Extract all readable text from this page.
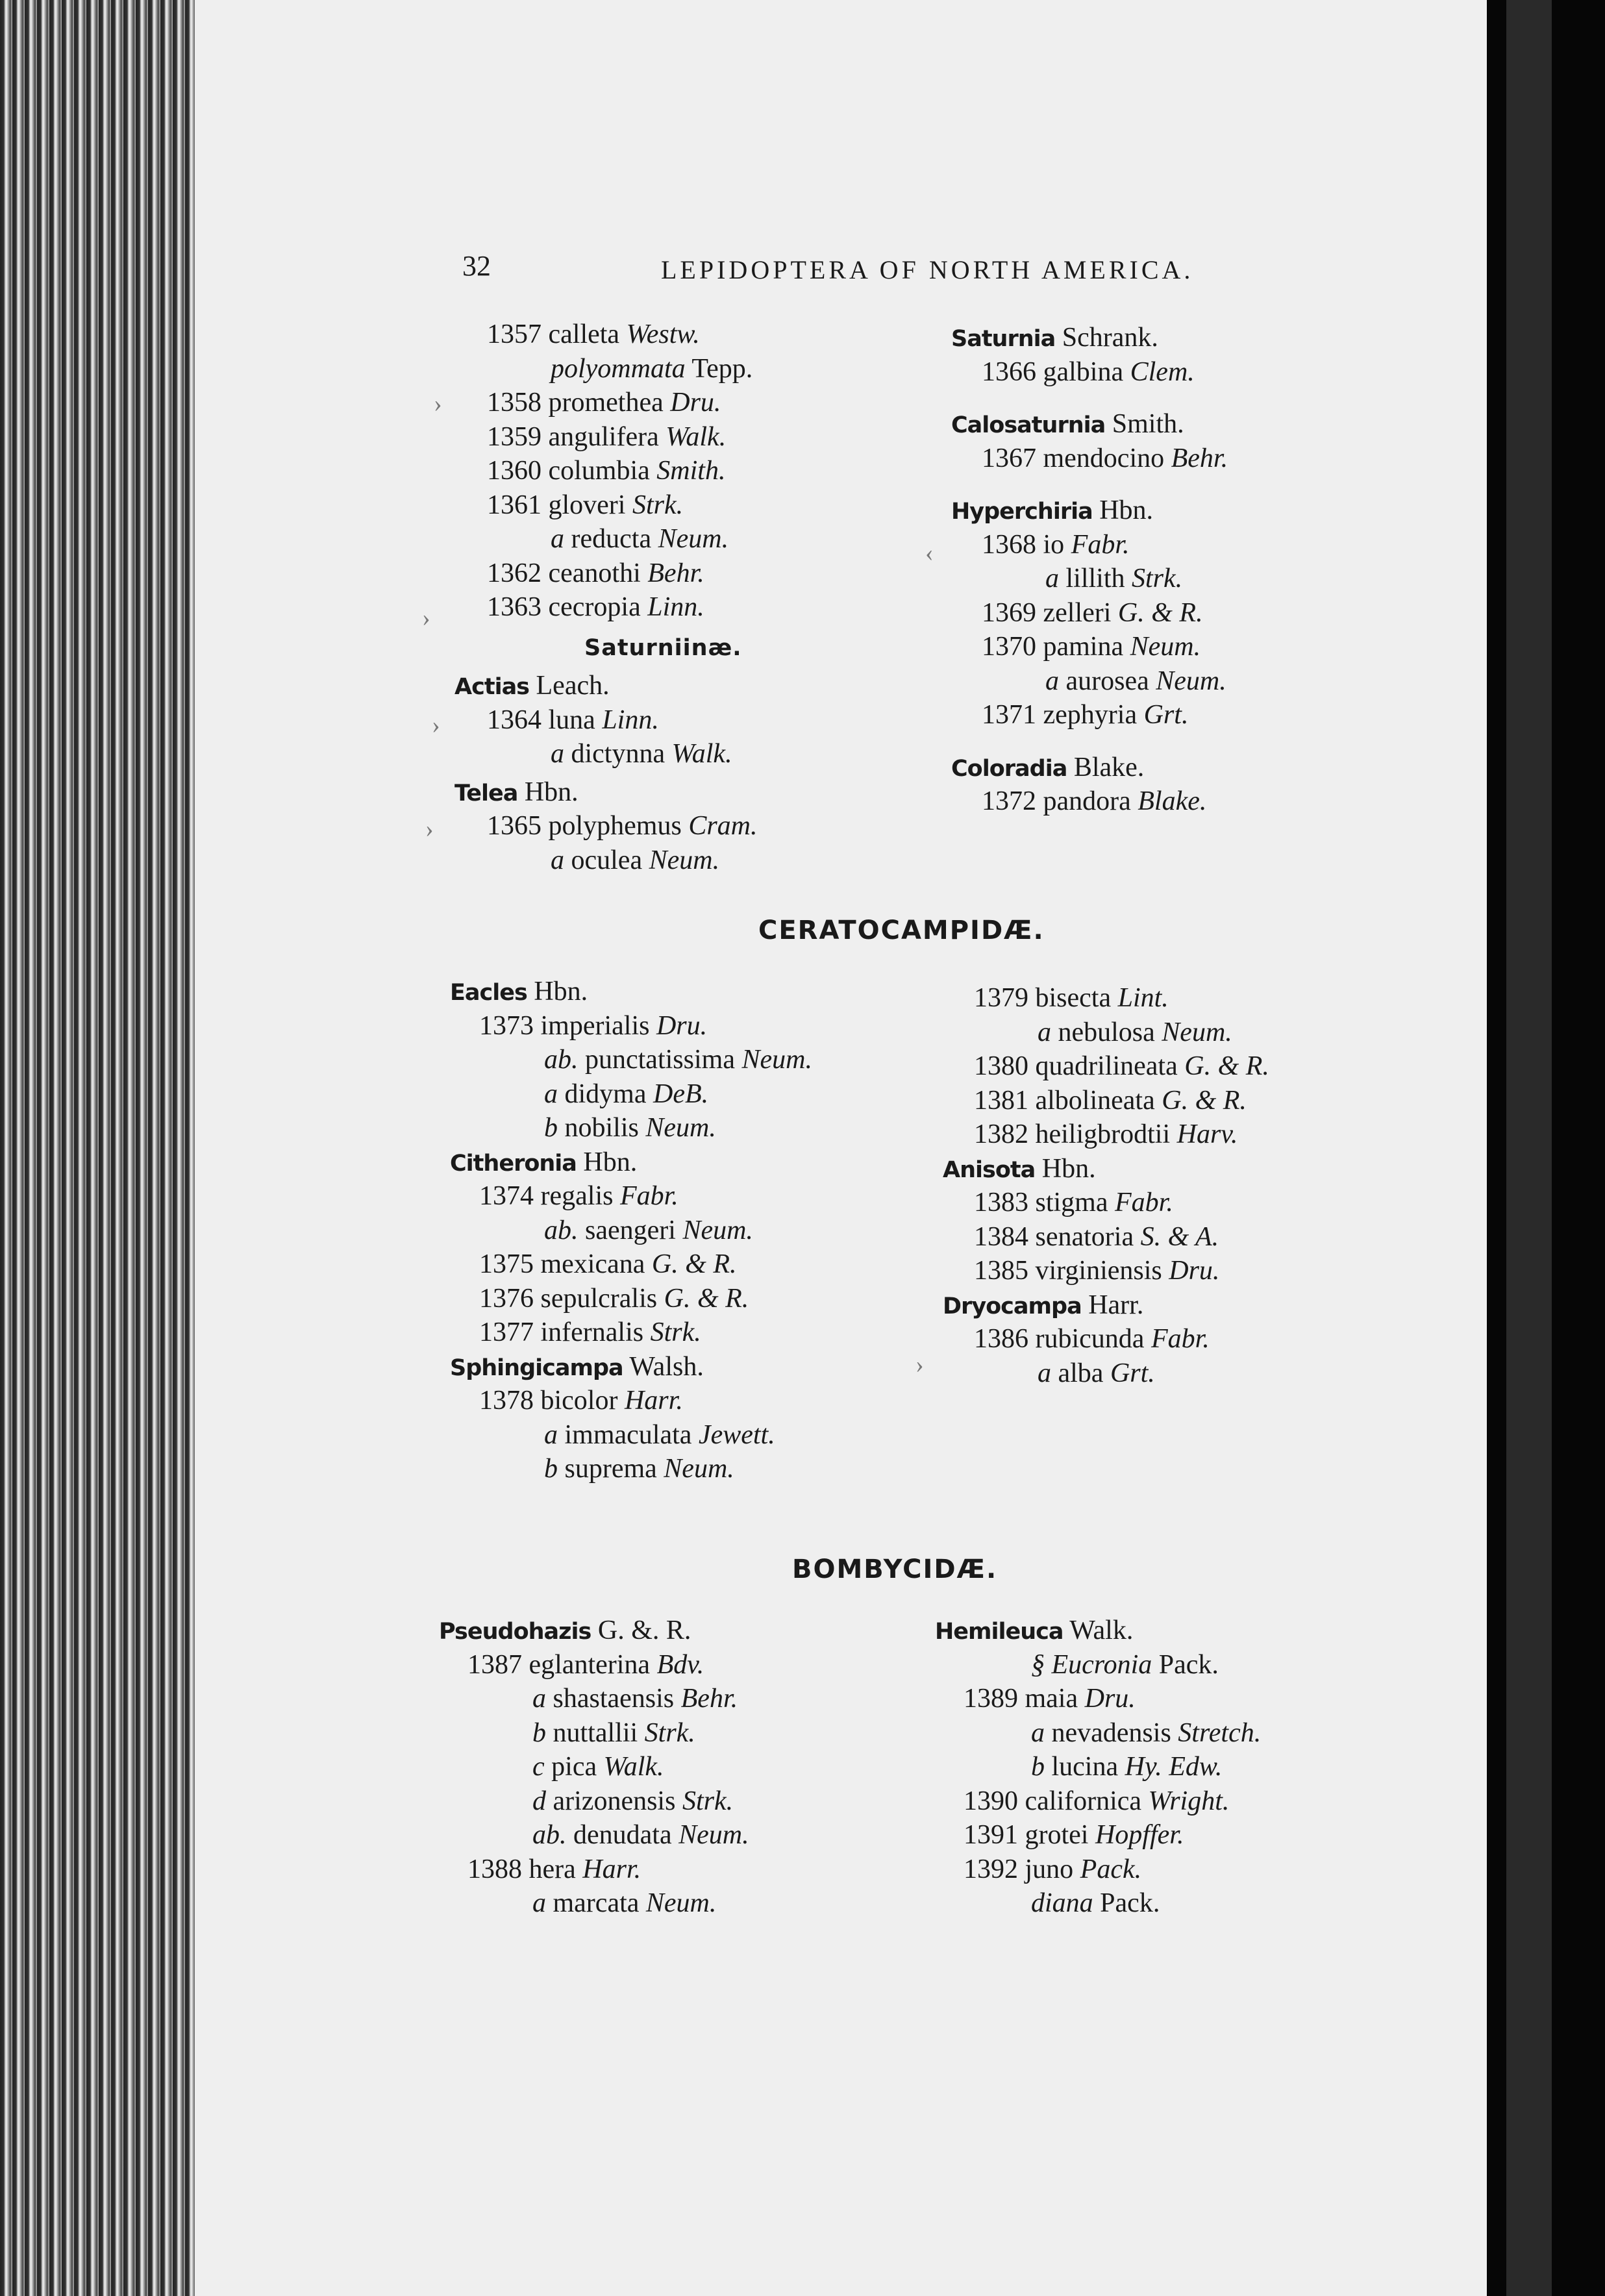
32	LEPIDOPTERA OF NORTH AMERICA.
CERATOCAMPIDÆ.
BOMBYCIDÆ.
1357 calleta Westw.
polyommata Tepp.
1358 promethea Dru.
1359 angulifera Walk.
1360 columbia Smith.
1361 gloveri Strk.
a reducta Neum.
1362 ceanothi Behr.
1363 cecropia Linn.
Saturniinæ.
Actias Leach.
1364 luna Linn.
a dictynna Walk.
Telea Hbn.
1365 polyphemus Cram.
a oculea Neum.
Saturnia Schrank.
1366 galbina Clem.
Calosaturnia Smith.
1367 mendocino Behr.
Hyperchiria Hbn.
1368 io Fabr.
a lillith Strk.
1369 zelleri G. & R.
1370 pamina Neum.
a aurosea Neum.
1371 zephyria Grt.
Coloradia Blake.
1372 pandora Blake.
Eacles Hbn.
1373 imperialis Dru.
ab. punctatissima Neum.
a didyma DeB.
b nobilis Neum.
Citheronia Hbn.
1374 regalis Fabr.
ab. saengeri Neum.
1375 mexicana G. & R.
1376 sepulcralis G. & R.
1377 infernalis Strk.
Sphingicampa Walsh.
1378 bicolor Harr.
a immaculata Jewett.
b suprema Neum.
1379 bisecta Lint.
a nebulosa Neum.
1380 quadrilineata G. & R.
1381 albolineata G. & R.
1382 heiligbrodtii Harv.
Anisota Hbn.
1383 stigma Fabr.
1384 senatoria S. & A.
1385 virginiensis Dru.
Dryocampa Harr.
1386 rubicunda Fabr.
a alba Grt.
Pseudohazis G. &. R.
1387 eglanterina Bdv.
a shastaensis Behr.
b nuttallii Strk.
c pica Walk.
d arizonensis Strk.
ab. denudata Neum.
1388 hera Harr.
a marcata Neum.
Hemileuca Walk.
§ Eucronia Pack.
1389 maia Dru.
a nevadensis Stretch.
b lucina Hy. Edw.
1390 californica Wright.
1391 grotei Hopffer.
1392 juno Pack.
diana Pack.
›
›
›
›
‹
›
